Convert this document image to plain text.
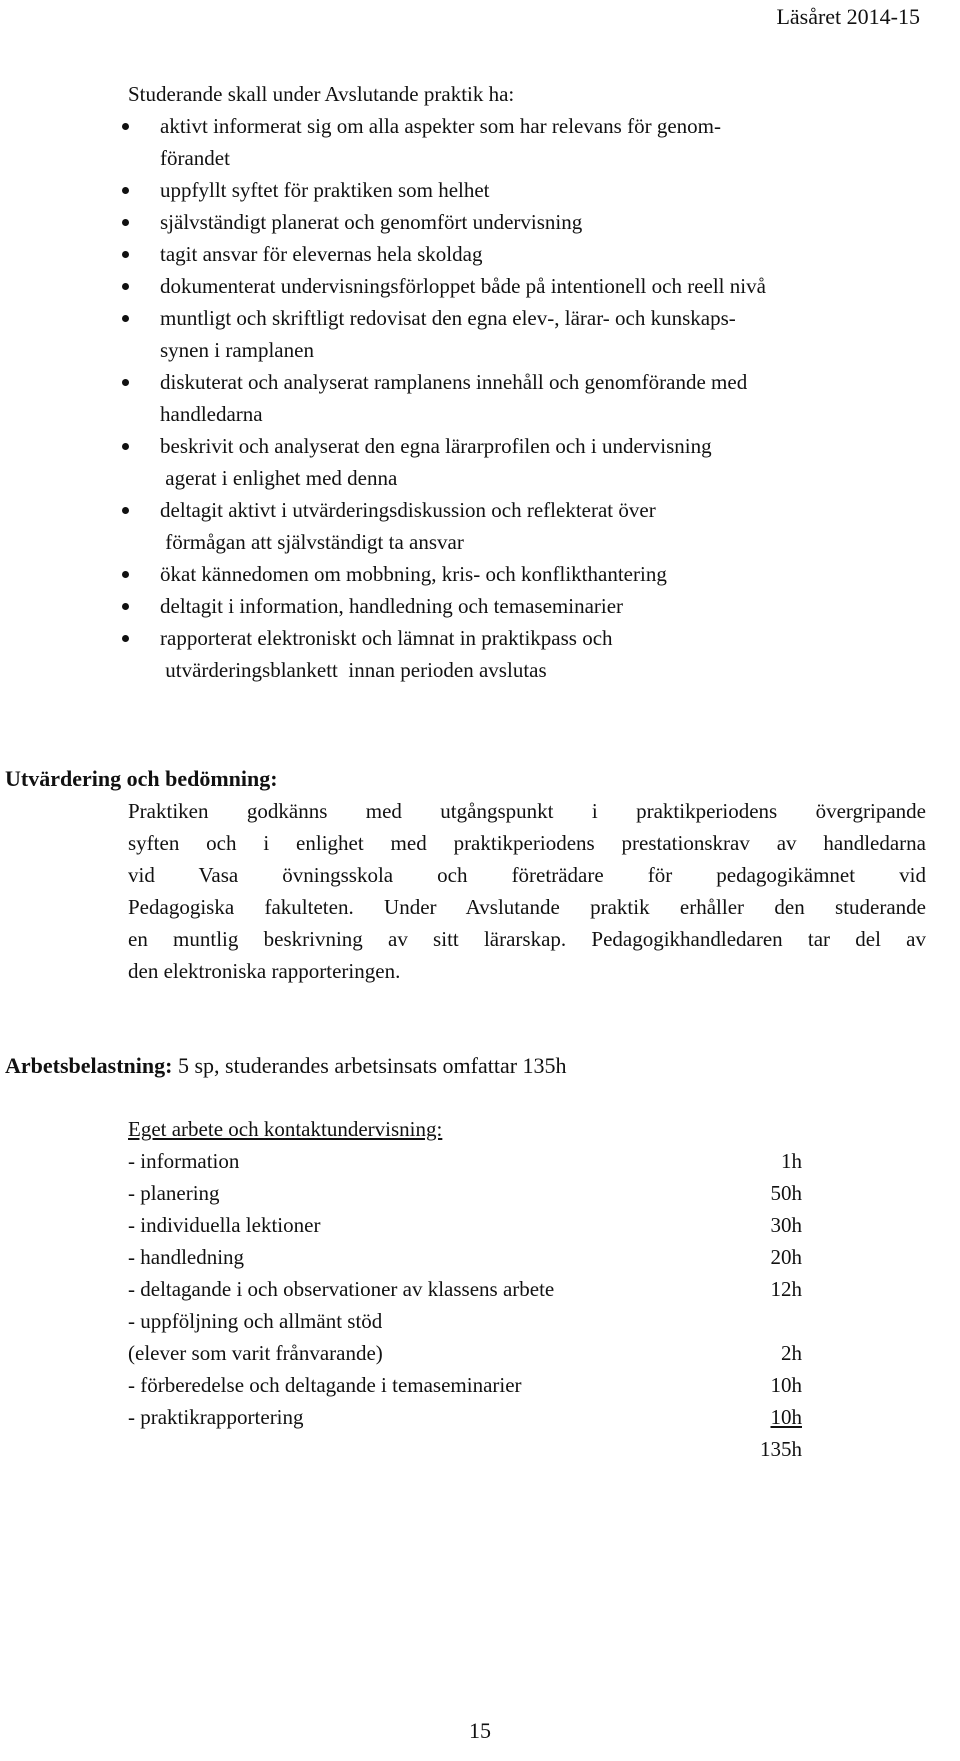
Läsåret 2014-15
Studerande skall under Avslutande praktik ha:
aktivt informerat sig om alla aspekter som har relevans för genom-
förandet
uppfyllt syftet för praktiken som helhet
självständigt planerat och genomfört undervisning
tagit ansvar för elevernas hela skoldag
dokumenterat undervisningsförloppet både på intentionell och reell nivå
muntligt och skriftligt redovisat den egna elev-, lärar- och kunskaps-
synen i ramplanen
diskuterat och analyserat ramplanens innehåll och genomförande med
handledarna
beskrivit och analyserat den egna lärarprofilen och i undervisning
agerat i enlighet med denna
deltagit aktivt i utvärderingsdiskussion och reflekterat över
förmågan att självständigt ta ansvar
ökat kännedomen om mobbning, kris- och konflikthantering
deltagit i information, handledning och temaseminarier
rapporterat elektroniskt och lämnat in praktikpass och
utvärderingsblankett  innan perioden avslutas
Utvärdering och bedömning:
Praktiken godkänns med utgångspunkt i praktikperiodens övergripande
syften och i enlighet med praktikperiodens prestationskrav av handledarna
vid Vasa övningsskola och företrädare för pedagogikämnet vid
Pedagogiska fakulteten. Under Avslutande praktik erhåller den studerande
en muntlig beskrivning av sitt lärarskap. Pedagogikhandledaren tar del av
den elektroniska rapporteringen.
Arbetsbelastning: 5 sp, studerandes arbetsinsats omfattar 135h
Eget arbete och kontaktundervisning:
- information	1h
- planering	50h
- individuella lektioner	30h
- handledning	20h
- deltagande i och observationer av klassens arbete	12h
- uppföljning och allmänt stöd
(elever som varit frånvarande)	2h
- förberedelse och deltagande i temaseminarier	10h
- praktikrapportering	10h
135h
15
